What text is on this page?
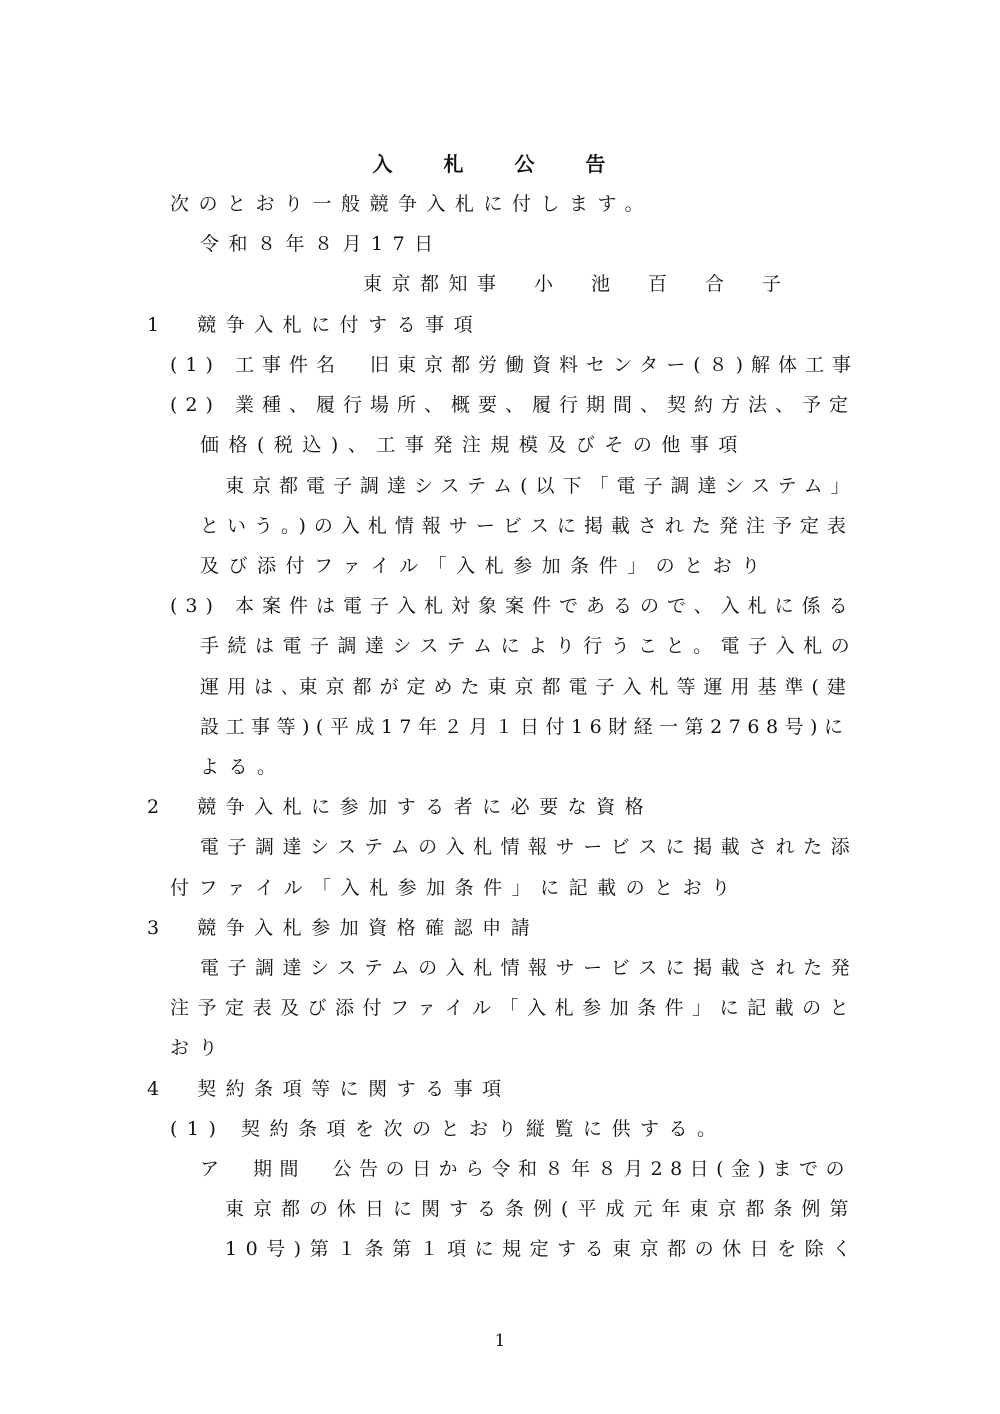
入 札 公 告
次のとおり一般競争入札に付します。
令和８年８月17日
東京都知事　小　池　百　合　子
1　競争入札に付する事項
(1) 工事件名　旧東京都労働資料センター(８)解体工事
(2) 業種、履行場所、概要、履行期間、契約方法、予定
価格(税込)、工事発注規模及びその他事項
東京都電子調達システム(以下「電子調達システム」
という。)の入札情報サービスに掲載された発注予定表
及び添付ファイル「入札参加条件」のとおり
(3) 本案件は電子入札対象案件であるので、入札に係る
手続は電子調達システムにより行うこと。電子入札の
運用は､東京都が定めた東京都電子入札等運用基準(建
設工事等)(平成17年２月１日付16財経一第2768号)に
よる。
2　競争入札に参加する者に必要な資格
電子調達システムの入札情報サービスに掲載された添
付ファイル「入札参加条件」に記載のとおり
3　競争入札参加資格確認申請
電子調達システムの入札情報サービスに掲載された発
注予定表及び添付ファイル「入札参加条件」に記載のと
おり
4　契約条項等に関する事項
(1) 契約条項を次のとおり縦覧に供する。
ア　期間　公告の日から令和８年８月28日(金)までの
東京都の休日に関する条例(平成元年東京都条例第
10号)第１条第１項に規定する東京都の休日を除く
1
